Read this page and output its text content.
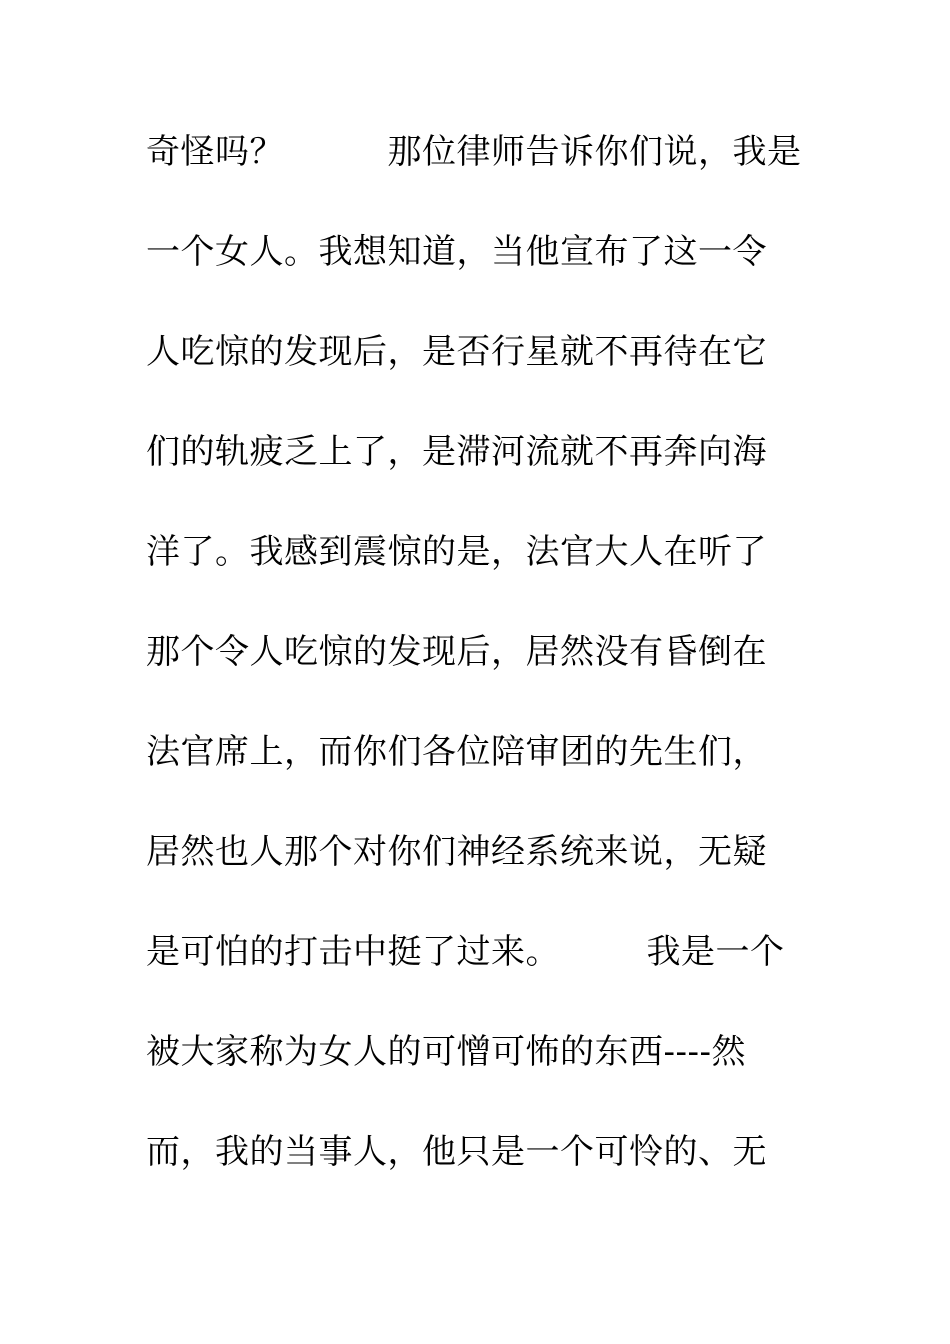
奇怪吗？　　　那位律师告诉你们说，我是
一个女人。我想知道，当他宣布了这一令
人吃惊的发现后，是否行星就不再待在它
们的轨疲乏上了，是滞河流就不再奔向海
洋了。我感到震惊的是，法官大人在听了
那个令人吃惊的发现后，居然没有昏倒在
法官席上，而你们各位陪审团的先生们，
居然也人那个对你们神经系统来说，无疑
是可怕的打击中挺了过来。　　　我是一个
被大家称为女人的可憎可怖的东西----然
而，我的当事人，他只是一个可怜的、无
